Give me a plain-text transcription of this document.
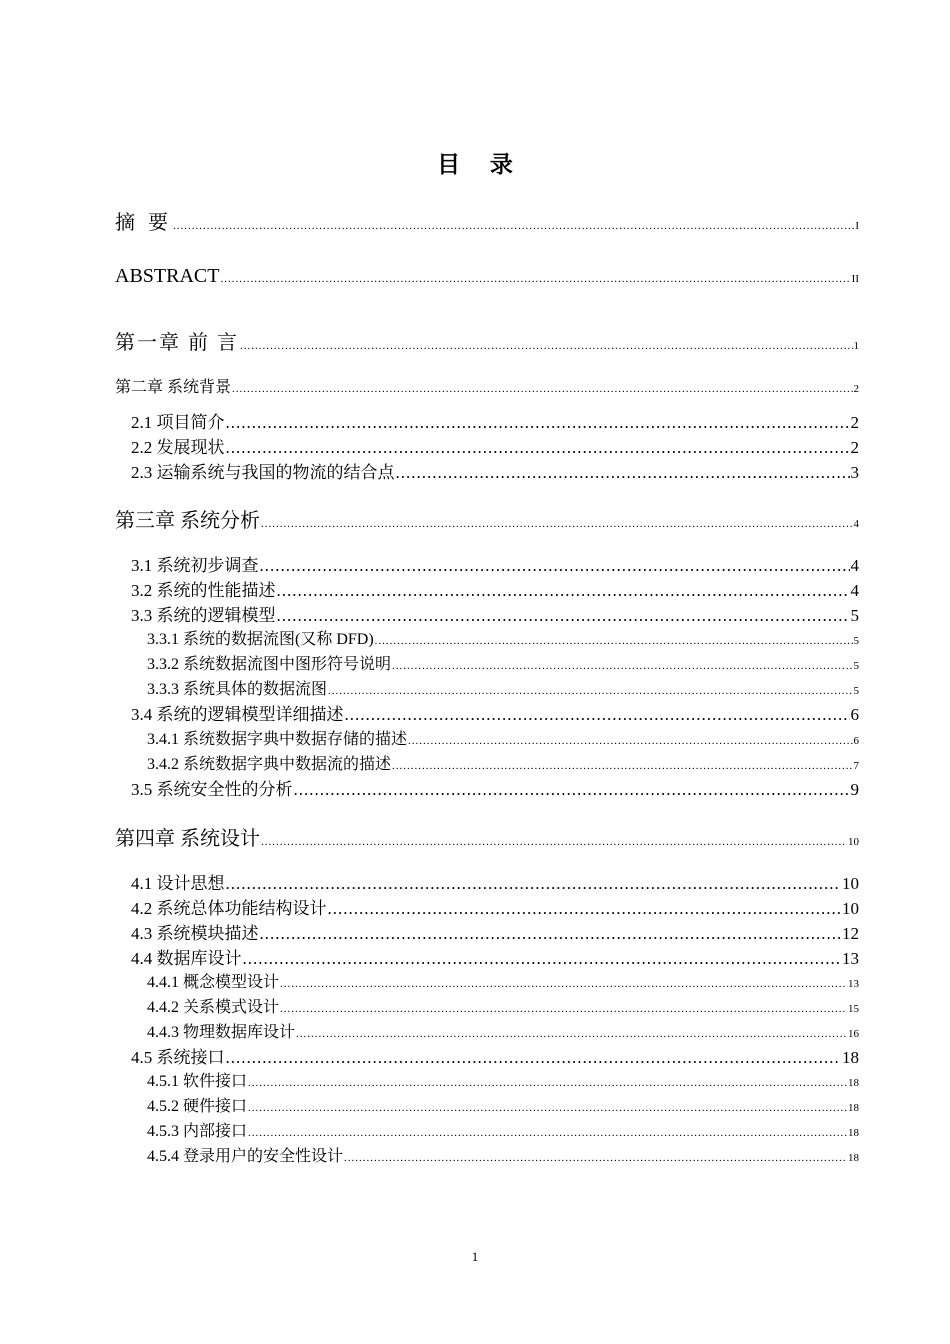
目 录
摘 要 .....	I
ABSTRACT .....	II
第一章 前 言 .....	1
第二章 系统背景 .....	2
2.1 项目简介 .....	2
2.2 发展现状 .....	2
2.3 运输系统与我国的物流的结合点 .....	3
第三章 系统分析 .....	4
3.1 系统初步调查 .....	4
3.2 系统的性能描述 .....	4
3.3 系统的逻辑模型 .....	5
3.3.1 系统的数据流图(又称 DFD) .....	5
3.3.2 系统数据流图中图形符号说明 .....	5
3.3.3 系统具体的数据流图 .....	5
3.4 系统的逻辑模型详细描述 .....	6
3.4.1 系统数据字典中数据存储的描述 .....	6
3.4.2 系统数据字典中数据流的描述 .....	7
3.5 系统安全性的分析 .....	9
第四章 系统设计 .....	10
4.1 设计思想 .....	10
4.2 系统总体功能结构设计 .....	10
4.3 系统模块描述 .....	12
4.4 数据库设计 .....	13
4.4.1 概念模型设计 .....	13
4.4.2 关系模式设计 .....	15
4.4.3 物理数据库设计 .....	16
4.5 系统接口 .....	18
4.5.1 软件接口 .....	18
4.5.2 硬件接口 .....	18
4.5.3 内部接口 .....	18
4.5.4 登录用户的安全性设计 .....	18
1
